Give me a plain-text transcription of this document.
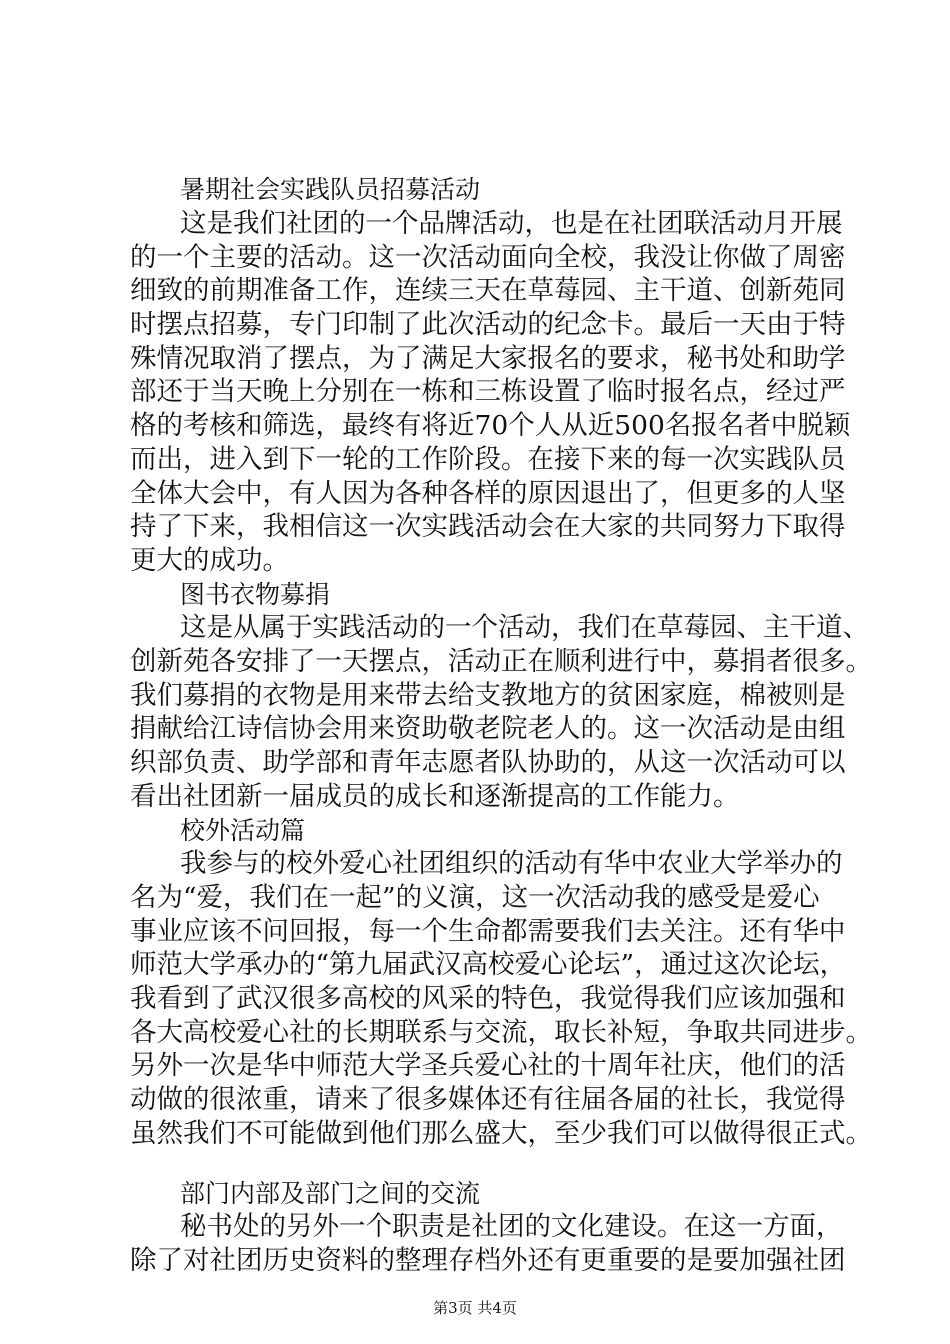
暑期社会实践队员招募活动
这是我们社团的一个品牌活动，也是在社团联活动月开展
的一个主要的活动。这一次活动面向全校，我没让你做了周密
细致的前期准备工作，连续三天在草莓园、主干道、创新苑同
时摆点招募，专门印制了此次活动的纪念卡。最后一天由于特
殊情况取消了摆点，为了满足大家报名的要求，秘书处和助学
部还于当天晚上分别在一栋和三栋设置了临时报名点，经过严
格的考核和筛选，最终有将近70个人从近500名报名者中脱颖
而出，进入到下一轮的工作阶段。在接下来的每一次实践队员
全体大会中，有人因为各种各样的原因退出了，但更多的人坚
持了下来，我相信这一次实践活动会在大家的共同努力下取得
更大的成功。
图书衣物募捐
这是从属于实践活动的一个活动，我们在草莓园、主干道、
创新苑各安排了一天摆点，活动正在顺利进行中，募捐者很多。
我们募捐的衣物是用来带去给支教地方的贫困家庭，棉被则是
捐献给江诗信协会用来资助敬老院老人的。这一次活动是由组
织部负责、助学部和青年志愿者队协助的，从这一次活动可以
看出社团新一届成员的成长和逐渐提高的工作能力。
校外活动篇
我参与的校外爱心社团组织的活动有华中农业大学举办的
名为“爱，我们在一起”的义演，这一次活动我的感受是爱心
事业应该不问回报，每一个生命都需要我们去关注。还有华中
师范大学承办的“第九届武汉高校爱心论坛”，通过这次论坛，
我看到了武汉很多高校的风采的特色，我觉得我们应该加强和
各大高校爱心社的长期联系与交流，取长补短，争取共同进步。
另外一次是华中师范大学圣兵爱心社的十周年社庆，他们的活
动做的很浓重，请来了很多媒体还有往届各届的社长，我觉得
虽然我们不可能做到他们那么盛大，至少我们可以做得很正式。
部门内部及部门之间的交流
秘书处的另外一个职责是社团的文化建设。在这一方面，
除了对社团历史资料的整理存档外还有更重要的是要加强社团
第3页 共4页
